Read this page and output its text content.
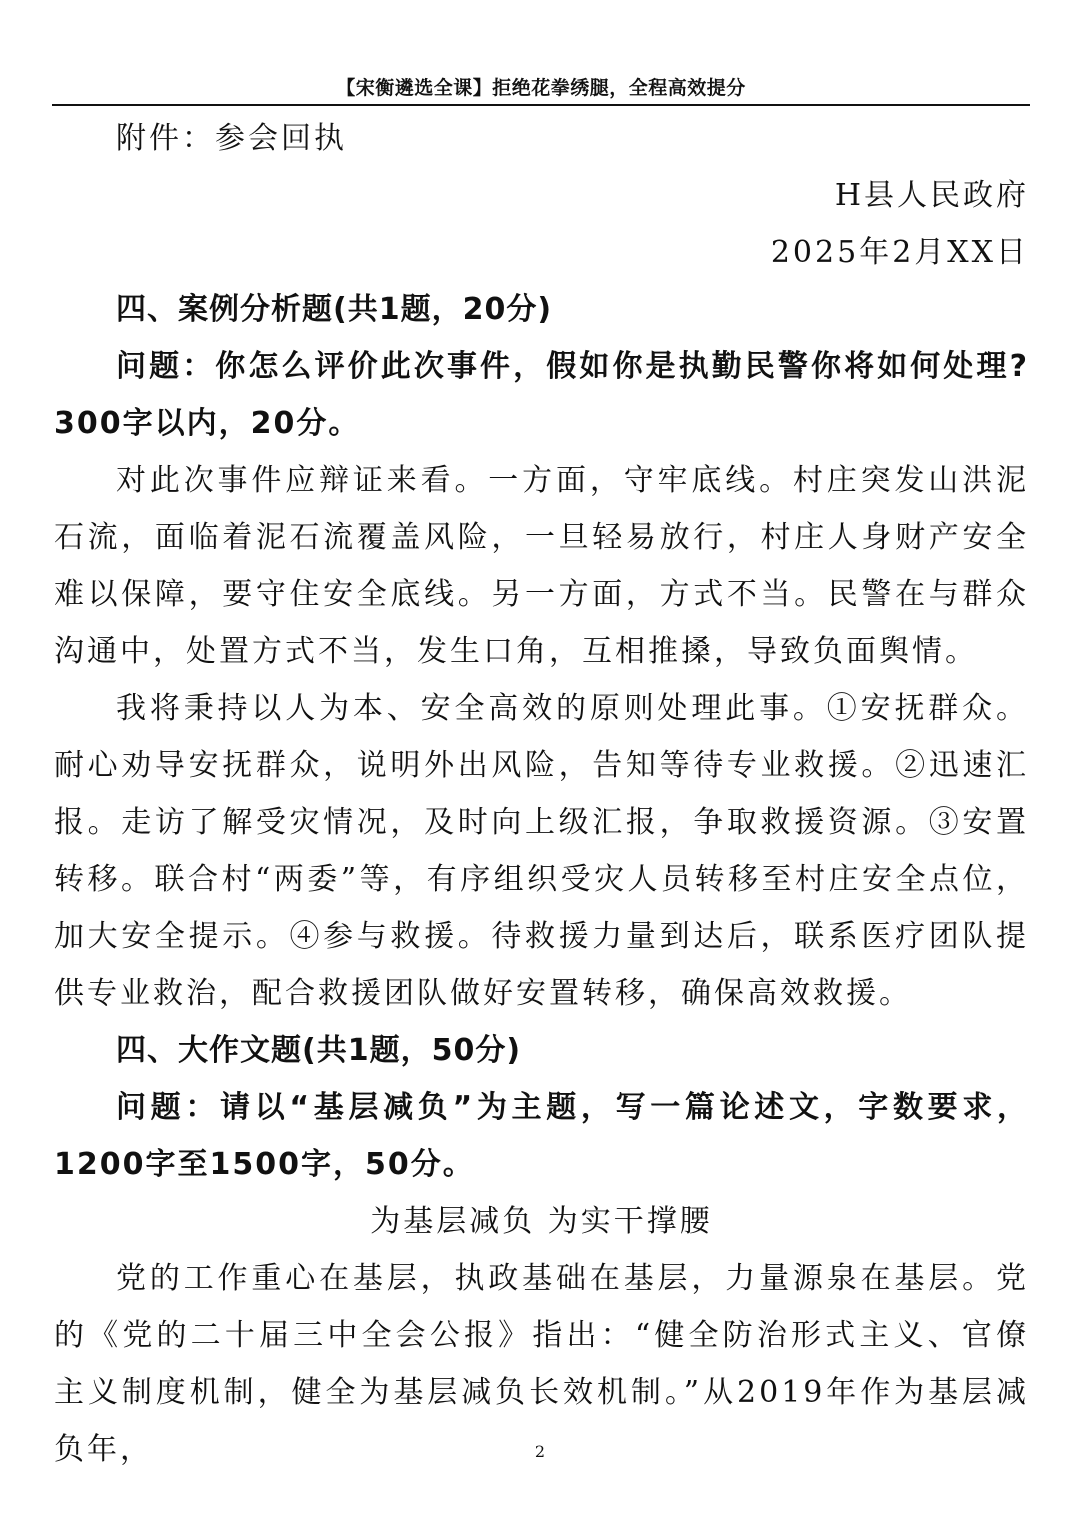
【宋衡遴选全课】拒绝花拳绣腿，全程高效提分

附件：参会回执

H县人民政府

2025年2月XX日

四、案例分析题(共1题，20分)

问题：你怎么评价此次事件，假如你是执勤民警你将如何处理?300字以内，20分。

对此次事件应辩证来看。一方面，守牢底线。村庄突发山洪泥石流，面临着泥石流覆盖风险，一旦轻易放行，村庄人身财产安全难以保障，要守住安全底线。另一方面，方式不当。民警在与群众沟通中，处置方式不当，发生口角，互相推搡，导致负面舆情。

我将秉持以人为本、安全高效的原则处理此事。①安抚群众。耐心劝导安抚群众，说明外出风险，告知等待专业救援。②迅速汇报。走访了解受灾情况，及时向上级汇报，争取救援资源。③安置转移。联合村“两委”等，有序组织受灾人员转移至村庄安全点位，加大安全提示。④参与救援。待救援力量到达后，联系医疗团队提供专业救治，配合救援团队做好安置转移，确保高效救援。

四、大作文题(共1题，50分)

问题：请以“基层减负”为主题，写一篇论述文，字数要求，1200字至1500字，50分。

为基层减负 为实干撑腰

党的工作重心在基层，执政基础在基层，力量源泉在基层。党的《党的二十届三中全会公报》指出：“健全防治形式主义、官僚主义制度机制，健全为基层减负长效机制。”从2019年作为基层减负年，	2
